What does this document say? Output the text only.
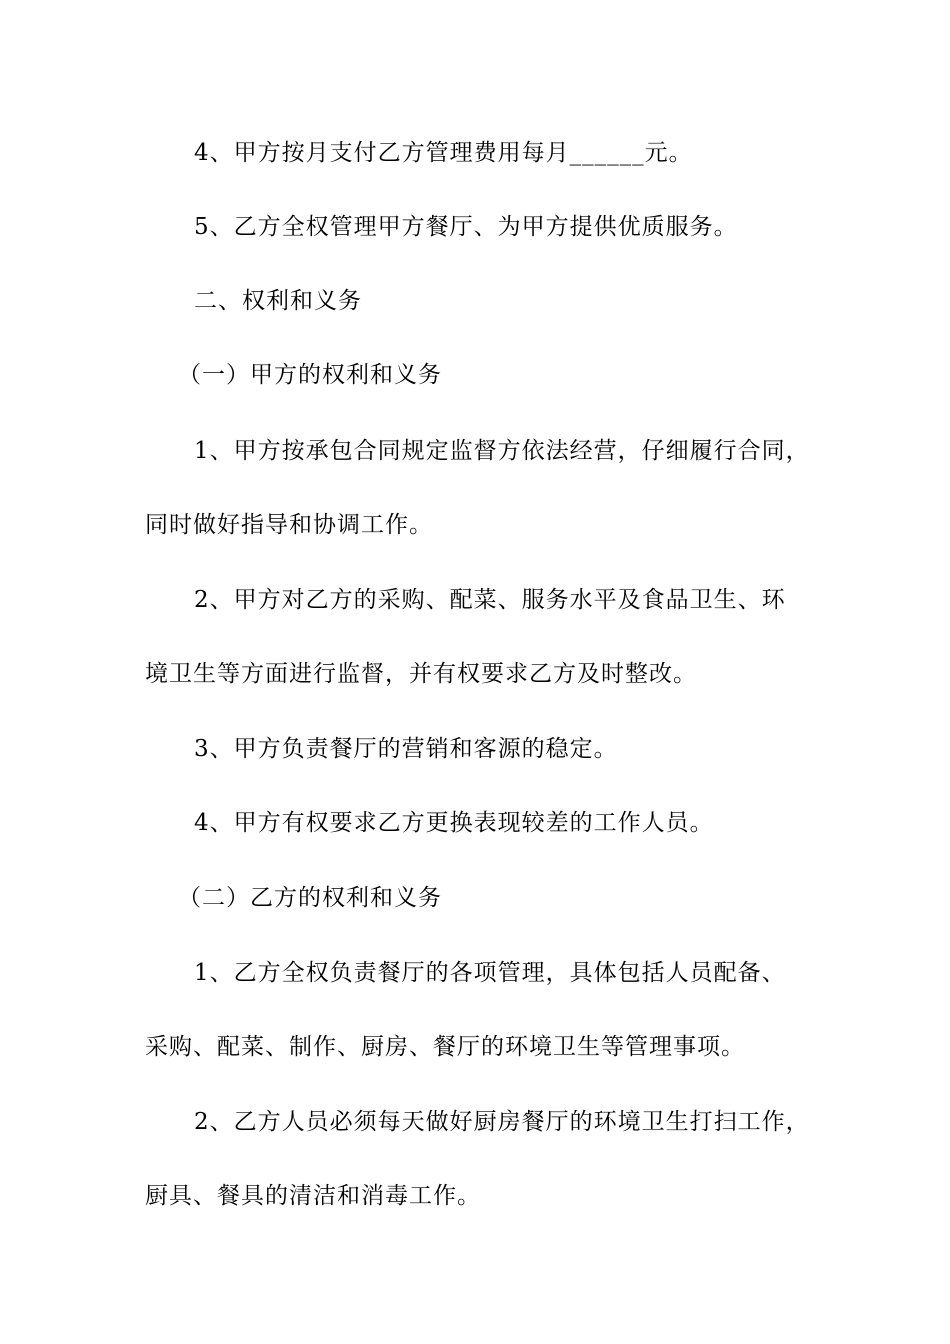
4、甲方按月支付乙方管理费用每月______元。
5、乙方全权管理甲方餐厅、为甲方提供优质服务。
二、权利和义务
（一）甲方的权利和义务
1、甲方按承包合同规定监督方依法经营，仔细履行合同，
同时做好指导和协调工作。
2、甲方对乙方的采购、配菜、服务水平及食品卫生、环
境卫生等方面进行监督，并有权要求乙方及时整改。
3、甲方负责餐厅的营销和客源的稳定。
4、甲方有权要求乙方更换表现较差的工作人员。
（二）乙方的权利和义务
1、乙方全权负责餐厅的各项管理，具体包括人员配备、
采购、配菜、制作、厨房、餐厅的环境卫生等管理事项。
2、乙方人员必须每天做好厨房餐厅的环境卫生打扫工作，
厨具、餐具的清洁和消毒工作。
